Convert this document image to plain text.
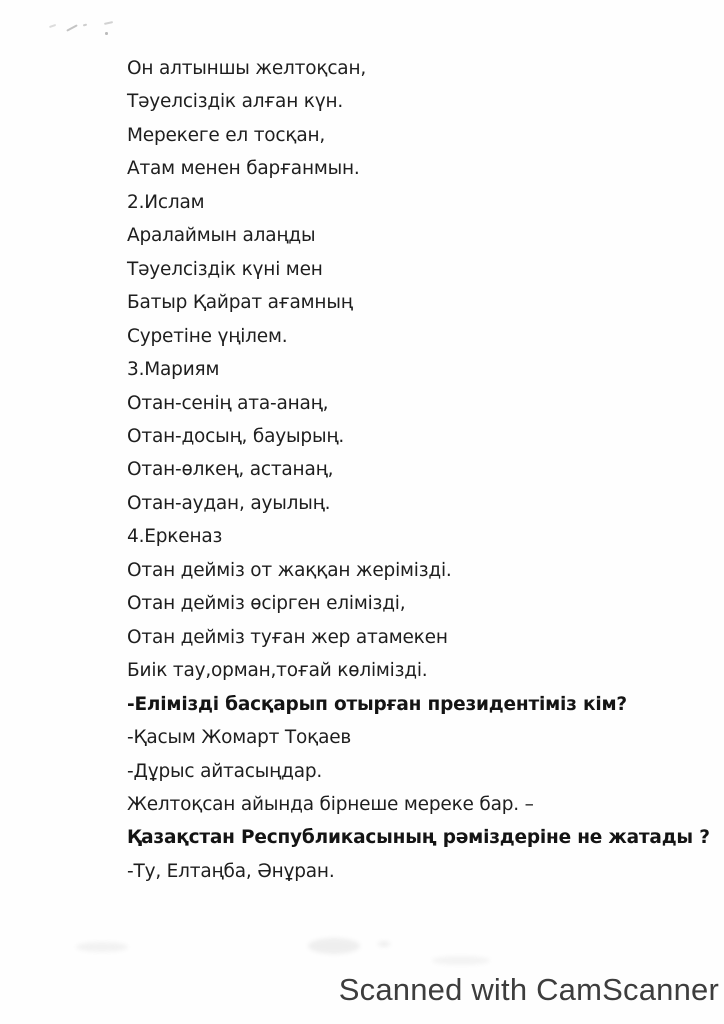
Он алтыншы желтоқсан,

Тәуелсіздік алған күн.

Мерекеге ел тосқан,

Атам менен барғанмын.

2.Ислам

Аралаймын алаңды

Тәуелсіздік күні мен

Батыр Қайрат ағамның

Суретіне үңілем.

3.Мариям

Отан-сенің ата-анаң,

Отан-досың, бауырың.

Отан-өлкең, астанаң,

Отан-аудан, ауылың.

4.Еркеназ

Отан дейміз от жаққан жерімізді.

Отан дейміз өсірген елімізді,

Отан дейміз туған жер атамекен

Биік тау,орман,тоғай көлімізді.

-Елімізді басқарып отырған президентіміз кім?

-Қасым Жомарт Тоқаев

-Дұрыс айтасыңдар.

Желтоқсан айында бірнеше мереке бар. –

Қазақстан Республикасының рәміздеріне не жатады ?

-Ту, Елтаңба, Әнұран.

Scanned with CamScanner
